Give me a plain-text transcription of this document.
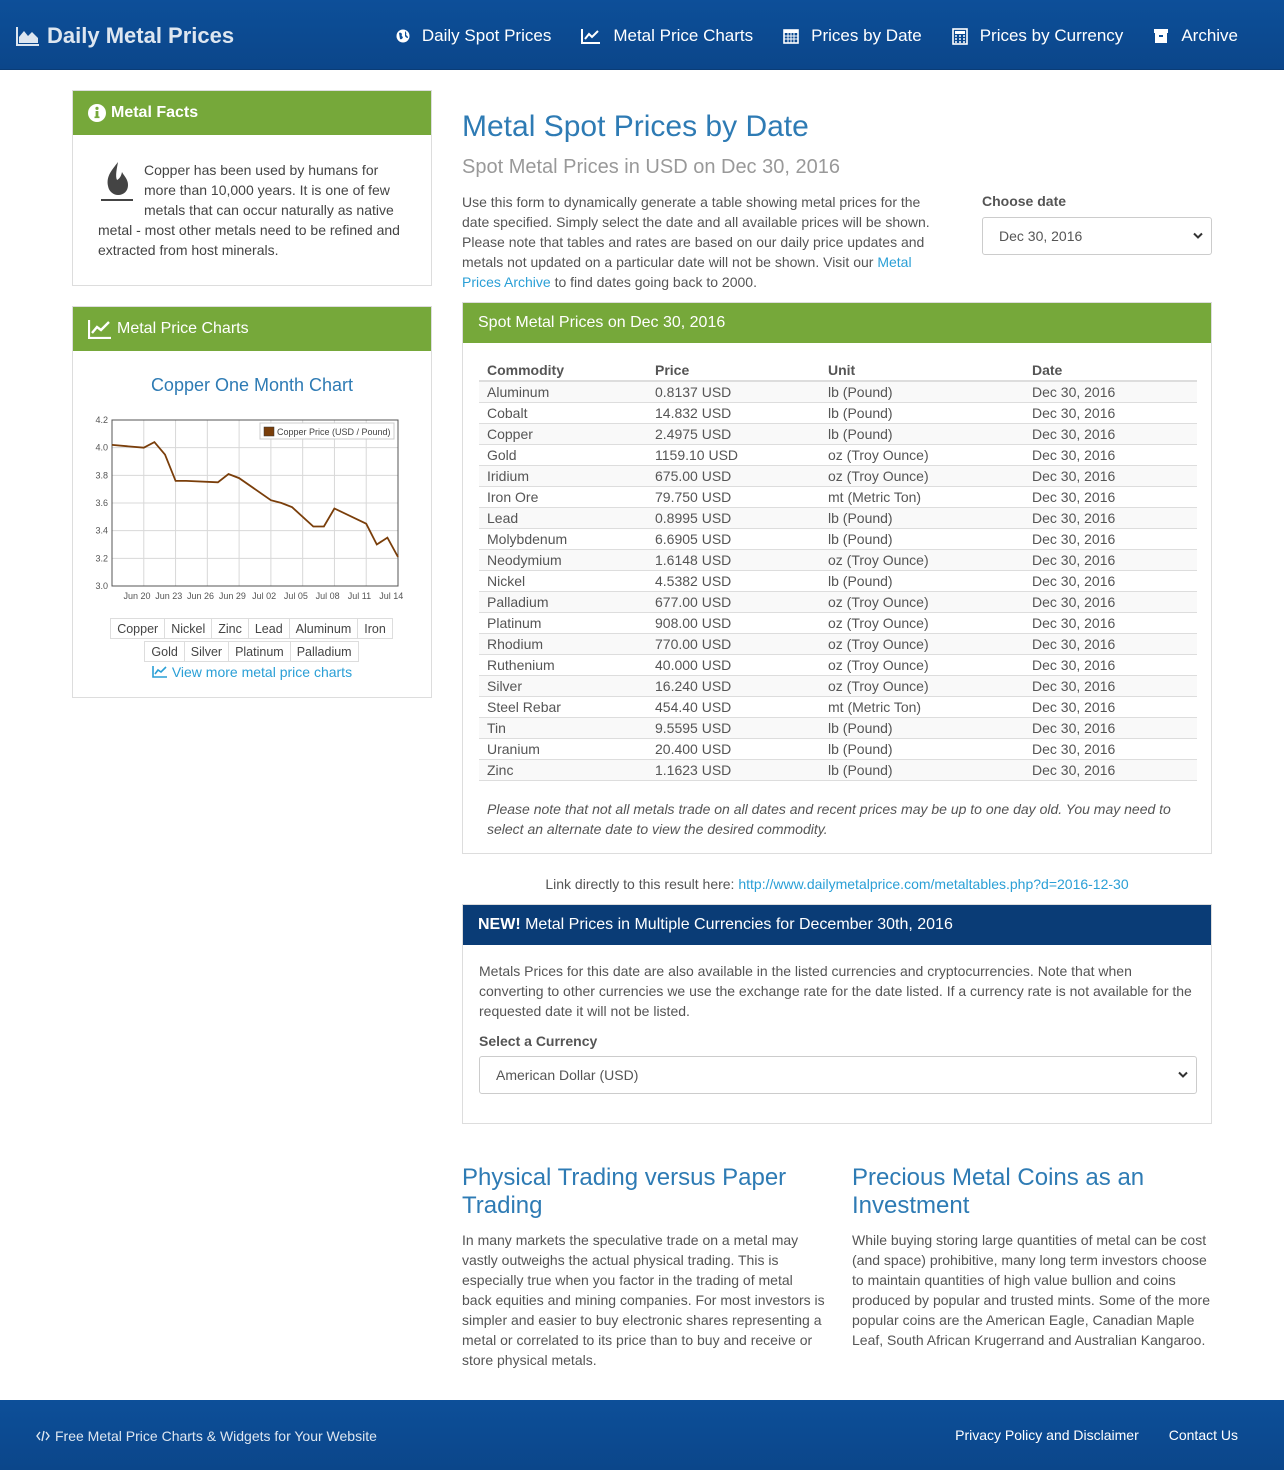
Daily Metal Prices	Daily Spot Prices	Metal Price Charts	Prices by Date	Prices by Currency	Archive
Metal Facts
Copper has been used by humans for more than 10,000 years. It is one of few metals that can occur naturally as native metal - most other metals need to be refined and extracted from host minerals.
Metal Price Charts
Copper One Month Chart
3.0
3.2
3.4
3.6
3.8
4.0
4.2
Jun 20 Jun 23 Jun 26 Jun 29 Jul 02 Jul 05 Jul 08 Jul 11 Jul 14
Copper Price (USD / Pound)
Copper	Nickel	Zinc	Lead	Aluminum	Iron
Gold	Silver	Platinum	Palladium
View more metal price charts
Metal Spot Prices by Date
Spot Metal Prices in USD on Dec 30, 2016
Use this form to dynamically generate a table showing metal prices for the date specified. Simply select the date and all available prices will be shown. Please note that tables and rates are based on our daily price updates and metals not updated on a particular date will not be shown. Visit our Metal Prices Archive to find dates going back to 2000.
Choose date
Dec 30, 2016
Spot Metal Prices on Dec 30, 2016
Commodity	Price	Unit	Date
Aluminum	0.8137 USD	lb (Pound)	Dec 30, 2016
Cobalt	14.832 USD	lb (Pound)	Dec 30, 2016
Copper	2.4975 USD	lb (Pound)	Dec 30, 2016
Gold	1159.10 USD	oz (Troy Ounce)	Dec 30, 2016
Iridium	675.00 USD	oz (Troy Ounce)	Dec 30, 2016
Iron Ore	79.750 USD	mt (Metric Ton)	Dec 30, 2016
Lead	0.8995 USD	lb (Pound)	Dec 30, 2016
Molybdenum	6.6905 USD	lb (Pound)	Dec 30, 2016
Neodymium	1.6148 USD	oz (Troy Ounce)	Dec 30, 2016
Nickel	4.5382 USD	lb (Pound)	Dec 30, 2016
Palladium	677.00 USD	oz (Troy Ounce)	Dec 30, 2016
Platinum	908.00 USD	oz (Troy Ounce)	Dec 30, 2016
Rhodium	770.00 USD	oz (Troy Ounce)	Dec 30, 2016
Ruthenium	40.000 USD	oz (Troy Ounce)	Dec 30, 2016
Silver	16.240 USD	oz (Troy Ounce)	Dec 30, 2016
Steel Rebar	454.40 USD	mt (Metric Ton)	Dec 30, 2016
Tin	9.5595 USD	lb (Pound)	Dec 30, 2016
Uranium	20.400 USD	lb (Pound)	Dec 30, 2016
Zinc	1.1623 USD	lb (Pound)	Dec 30, 2016
Please note that not all metals trade on all dates and recent prices may be up to one day old. You may need to select an alternate date to view the desired commodity.
Link directly to this result here: http://www.dailymetalprice.com/metaltables.php?d=2016-12-30
NEW! Metal Prices in Multiple Currencies for December 30th, 2016
Metals Prices for this date are also available in the listed currencies and cryptocurrencies. Note that when converting to other currencies we use the exchange rate for the date listed. If a currency rate is not available for the requested date it will not be listed.
Select a Currency
American Dollar (USD)
Physical Trading versus Paper Trading

In many markets the speculative trade on a metal may vastly outweighs the actual physical trading. This is especially true when you factor in the trading of metal back equities and mining companies. For most investors is simpler and easier to buy electronic shares representing a metal or correlated to its price than to buy and receive or store physical metals.

Precious Metal Coins as an Investment

While buying storing large quantities of metal can be cost (and space) prohibitive, many long term investors choose to maintain quantities of high value bullion and coins produced by popular and trusted mints. Some of the more popular coins are the American Eagle, Canadian Maple Leaf, South African Krugerrand and Australian Kangaroo.

Free Metal Price Charts & Widgets for Your Website	Privacy Policy and Disclaimer Contact Us
